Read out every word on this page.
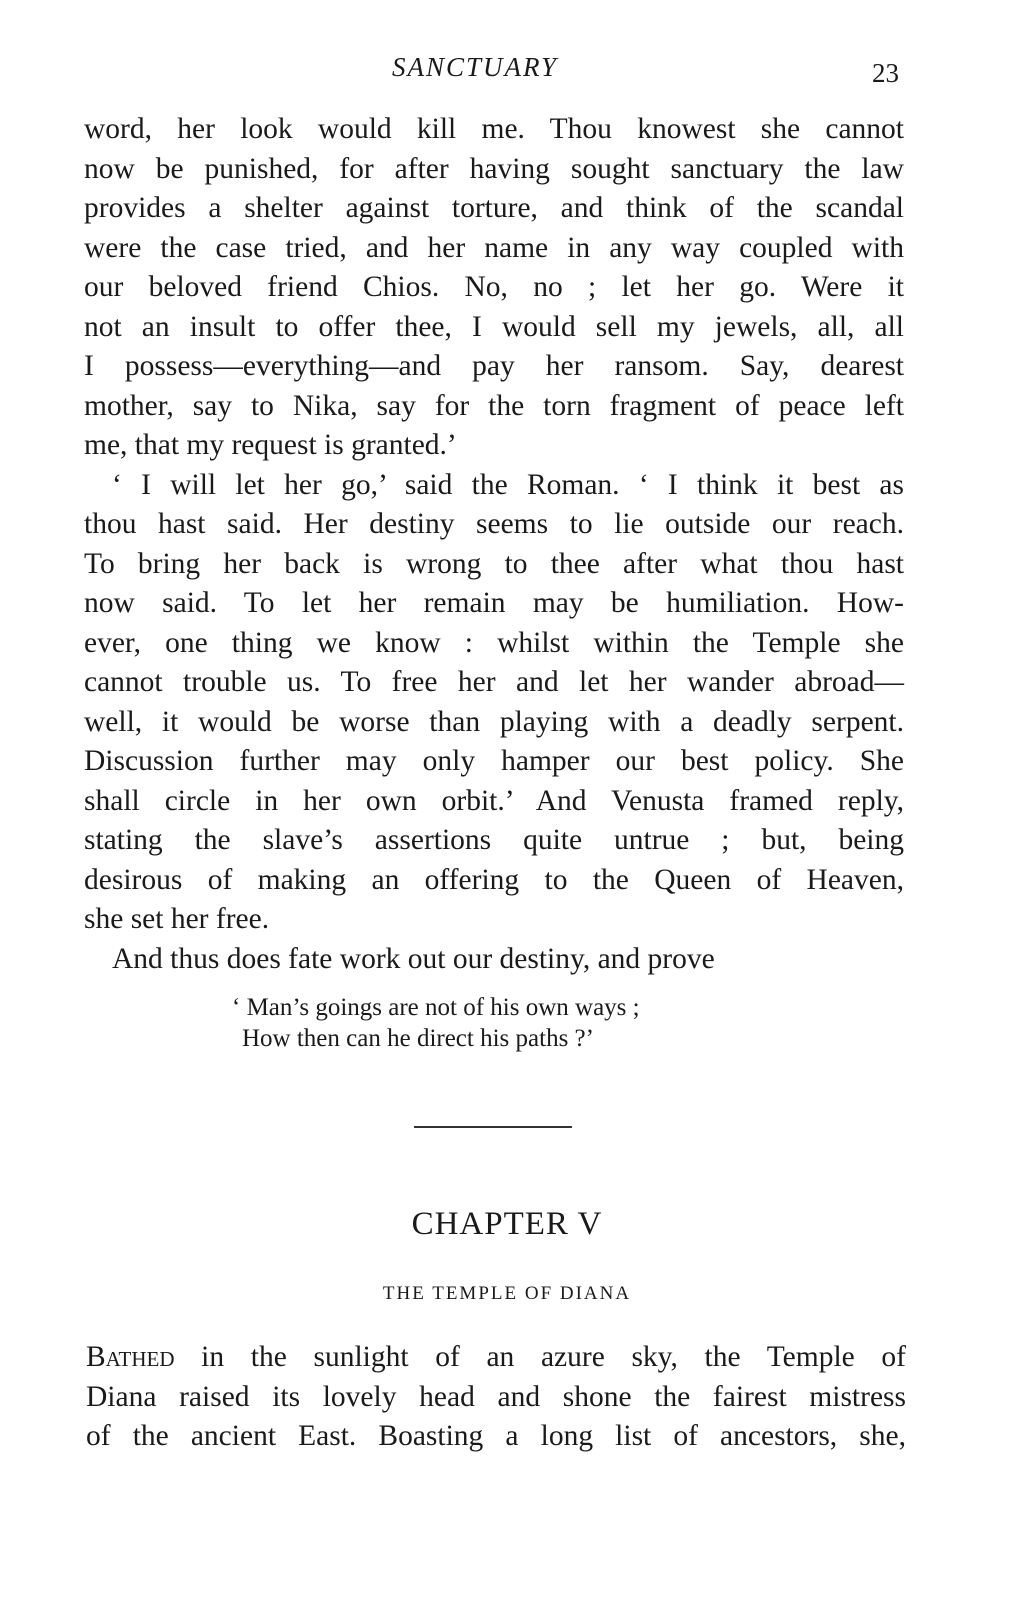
SANCTUARY	23
word, her look would kill me. Thou knowest she cannot
now be punished, for after having sought sanctuary the law
provides a shelter against torture, and think of the scandal
were the case tried, and her name in any way coupled with
our beloved friend Chios. No, no ; let her go. Were it
not an insult to offer thee, I would sell my jewels, all, all
I possess—everything—and pay her ransom. Say, dearest
mother, say to Nika, say for the torn fragment of peace left
me, that my request is granted.’
‘ I will let her go,’ said the Roman. ‘ I think it best as
thou hast said. Her destiny seems to lie outside our reach.
To bring her back is wrong to thee after what thou hast
now said. To let her remain may be humiliation. How-
ever, one thing we know : whilst within the Temple she
cannot trouble us. To free her and let her wander abroad—
well, it would be worse than playing with a deadly serpent.
Discussion further may only hamper our best policy. She
shall circle in her own orbit.’ And Venusta framed reply,
stating the slave’s assertions quite untrue ; but, being
desirous of making an offering to the Queen of Heaven,
she set her free.
And thus does fate work out our destiny, and prove
‘ Man’s goings are not of his own ways ;
How then can he direct his paths ?’
CHAPTER V
THE TEMPLE OF DIANA
Bathed in the sunlight of an azure sky, the Temple of
Diana raised its lovely head and shone the fairest mistress
of the ancient East. Boasting a long list of ancestors, she,
